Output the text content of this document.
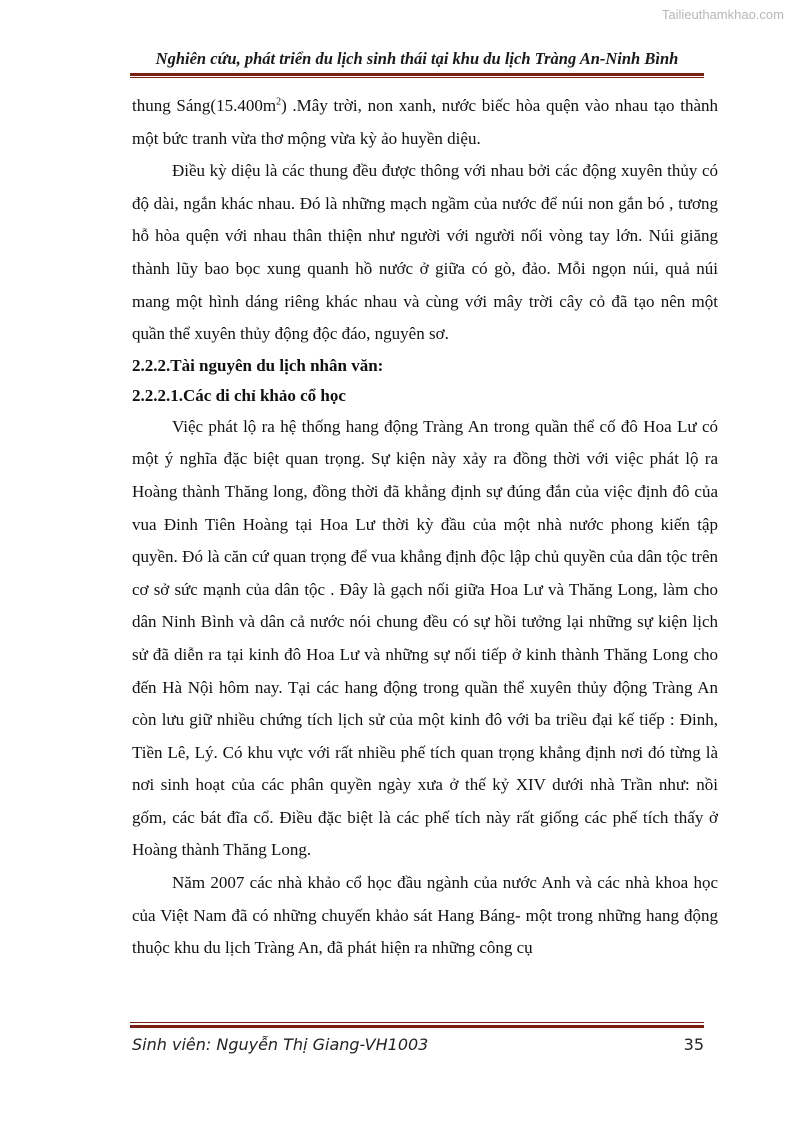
Tailieuthamkhao.com
Nghiên cứu, phát triển du lịch sinh thái tại khu du lịch Tràng An-Ninh Bình

thung $Sáng(15.400m^2)$ .Mây trời, non xanh, nước biếc hòa quện vào nhau tạo thành một bức tranh vừa thơ mộng vừa kỳ ảo huyền diệu.

Điều kỳ diệu là các thung đều được thông với nhau bởi các động xuyên thủy có độ dài, ngắn khác nhau. Đó là những mạch ngầm của nước để núi non gắn bó , tương hỗ hòa quện với nhau thân thiện như người với người nối vòng tay lớn. Núi giăng thành lũy bao bọc xung quanh hồ nước ở giữa có gò, đảo. Mỗi ngọn núi, quả núi mang một hình dáng riêng khác nhau và cùng với mây trời cây cỏ đã tạo nên một quần thể xuyên thủy động độc đáo, nguyên sơ.

2.2.2.Tài nguyên du lịch nhân văn:
2.2.2.1.Các di chỉ khảo cổ học

Việc phát lộ ra hệ thống hang động Tràng An trong quần thể cố đô Hoa Lư có một ý nghĩa đặc biệt quan trọng. Sự kiện này xảy ra đồng thời với việc phát lộ ra Hoàng thành Thăng long, đồng thời đã khẳng định sự đúng đắn của việc định đô của vua Đinh Tiên Hoàng tại Hoa Lư thời kỳ đầu của một nhà nước phong kiến tập quyền. Đó là căn cứ quan trọng để vua khẳng định độc lập chủ quyền của dân tộc trên cơ sở sức mạnh của dân tộc . Đây là gạch nối giữa Hoa Lư và Thăng Long, làm cho dân Ninh Bình và dân cả nước nói chung đều có sự hồi tưởng lại những sự kiện lịch sử đã diễn ra tại kinh đô Hoa Lư và những sự nối tiếp ở kinh thành Thăng Long cho đến Hà Nội hôm nay. Tại các hang động trong quần thể xuyên thủy động Tràng An còn lưu giữ nhiều chứng tích lịch sử của một kinh đô với ba triều đại kế tiếp : Đinh, Tiền Lê, Lý. Có khu vực với rất nhiều phế tích quan trọng khẳng định nơi đó từng là nơi sinh hoạt của các phân quyền ngày xưa ở thế kỷ XIV dưới nhà Trần như: nồi gốm, các bát đĩa cổ. Điều đặc biệt là các phế tích này rất giống các phế tích thấy ở Hoàng thành Thăng Long.

Năm 2007 các nhà khảo cổ học đầu ngành của nước Anh và các nhà khoa học của Việt Nam đã có những chuyến khảo sát Hang Báng- một trong những hang động thuộc khu du lịch Tràng An, đã phát hiện ra những công cụ

Sinh viên: Nguyễn Thị Giang-VH1003	35
